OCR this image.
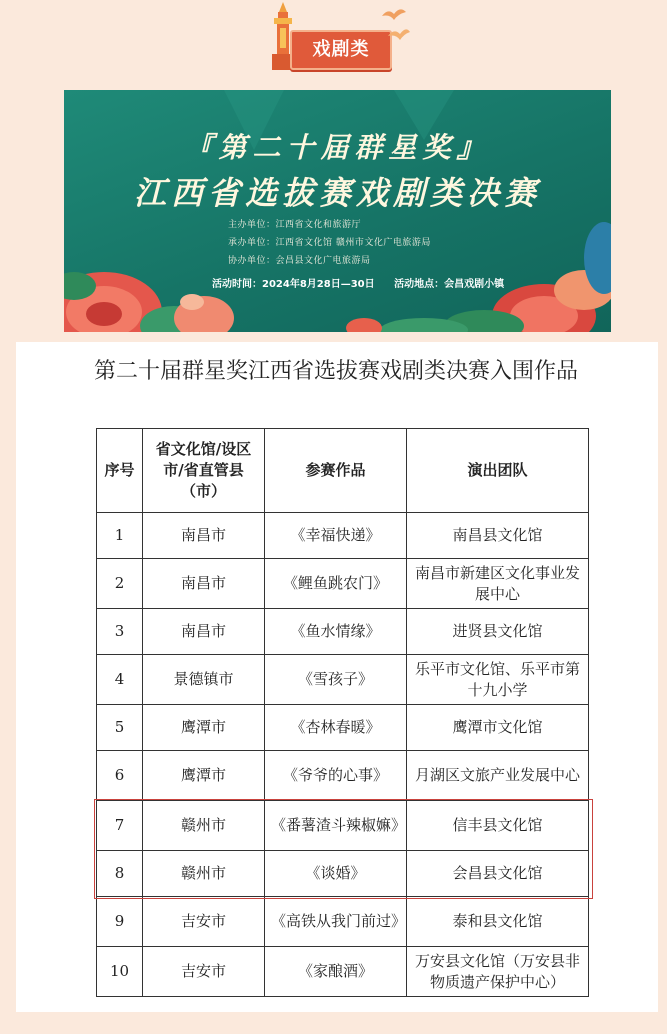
戏剧类
『第二十届群星奖』
江西省选拔赛戏剧类决赛
主办单位：江西省文化和旅游厅
承办单位：江西省文化馆 赣州市文化广电旅游局
协办单位：会昌县文化广电旅游局
活动时间：2024年8月28日—30日 活动地点：会昌戏剧小镇
第二十届群星奖江西省选拔赛戏剧类决赛入围作品
序号	省文化馆/设区市/省直管县（市）	参赛作品	演出团队
1	南昌市	《幸福快递》	南昌县文化馆
2	南昌市	《鲤鱼跳农门》	南昌市新建区文化事业发展中心
3	南昌市	《鱼水情缘》	进贤县文化馆
4	景德镇市	《雪孩子》	乐平市文化馆、乐平市第十九小学
5	鹰潭市	《杏林春暖》	鹰潭市文化馆
6	鹰潭市	《爷爷的心事》	月湖区文旅产业发展中心
7	赣州市	《番薯渣斗辣椒嫲》	信丰县文化馆
8	赣州市	《谈婚》	会昌县文化馆
9	吉安市	《高铁从我门前过》	泰和县文化馆
10	吉安市	《家酿酒》	万安县文化馆（万安县非物质遗产保护中心）
